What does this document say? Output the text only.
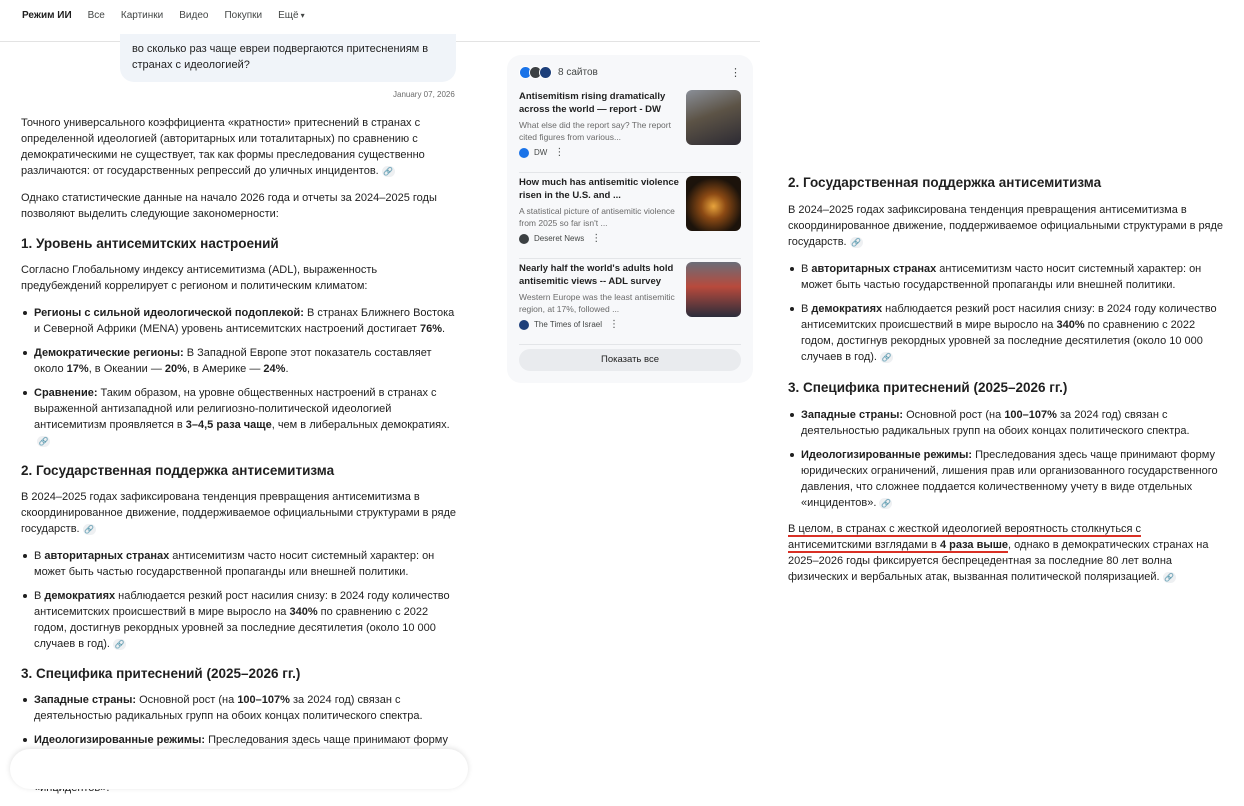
Режим ИИ Все Картинки Видео Покупки Ещё ▾
во сколько раз чаще евреи подвергаются притеснениям в странах с идеологией?
January 07, 2026

Точного универсального коэффициента «кратности» притеснений в странах с определенной идеологией (авторитарных или тоталитарных) по сравнению с демократическими не существует, так как формы преследования существенно различаются: от государственных репрессий до уличных инцидентов. 🔗

Однако статистические данные на начало 2026 года и отчеты за 2024–2025 годы позволяют выделить следующие закономерности:

1. Уровень антисемитских настроений

Согласно Глобальному индексу антисемитизма (ADL), выраженность предубеждений коррелирует с регионом и политическим климатом:

Регионы с сильной идеологической подоплекой: В странах Ближнего Востока и Северной Африки (MENA) уровень антисемитских настроений достигает 76%.
Демократические регионы: В Западной Европе этот показатель составляет около 17%, в Океании — 20%, в Америке — 24%.
Сравнение: Таким образом, на уровне общественных настроений в странах с выраженной антизападной или религиозно-политической идеологией антисемитизм проявляется в 3–4,5 раза чаще, чем в либеральных демократиях.🔗
2. Государственная поддержка антисемитизма

В 2024–2025 годах зафиксирована тенденция превращения антисемитизма в скоординированное движение, поддерживаемое официальными структурами в ряде государств. 🔗

В авторитарных странах антисемитизм часто носит системный характер: он может быть частью государственной пропаганды или внешней политики.
В демократиях наблюдается резкий рост насилия снизу: в 2024 году количество антисемитских происшествий в мире выросло на 340% по сравнению с 2022 годом, достигнув рекордных уровней за последние десятилетия (около 10 000 случаев в год). 🔗
3. Специфика притеснений (2025–2026 гг.)
Западные страны: Основной рост (на 100–107% за 2024 год) связан с деятельностью радикальных групп на обоих концах политического спектра.
Идеологизированные режимы: Преследования здесь чаще принимают форму
8 сайтов	⋮
Antisemitism rising dramatically across the world — report - DW
What else did the report say? The report cited figures from various...
DW ⋮
How much has antisemitic violence risen in the U.S. and ...
A statistical picture of antisemitic violence from 2025 so far isn't ...
Deseret News ⋮
Nearly half the world's adults hold antisemitic views -- ADL survey
Western Europe was the least antisemitic region, at 17%, followed ...
The Times of Israel ⋮
Показать все
2. Государственная поддержка антисемитизма

В 2024–2025 годах зафиксирована тенденция превращения антисемитизма в скоординированное движение, поддерживаемое официальными структурами в ряде государств. 🔗

В авторитарных странах антисемитизм часто носит системный характер: он может быть частью государственной пропаганды или внешней политики.
В демократиях наблюдается резкий рост насилия снизу: в 2024 году количество антисемитских происшествий в мире выросло на 340% по сравнению с 2022 годом, достигнув рекордных уровней за последние десятилетия (около 10 000 случаев в год). 🔗
3. Специфика притеснений (2025–2026 гг.)
Западные страны: Основной рост (на 100–107% за 2024 год) связан с деятельностью радикальных групп на обоих концах политического спектра.
Идеологизированные режимы: Преследования здесь чаще принимают форму юридических ограничений, лишения прав или организованного государственного давления, что сложнее поддается количественному учету в виде отдельных «инцидентов». 🔗

В целом, в странах с жесткой идеологией вероятность столкнуться с антисемитскими взглядами в 4 раза выше, однако в демократических странах на 2025–2026 годы фиксируется беспрецедентная за последние 80 лет волна физических и вербальных атак, вызванная политической поляризацией. 🔗
